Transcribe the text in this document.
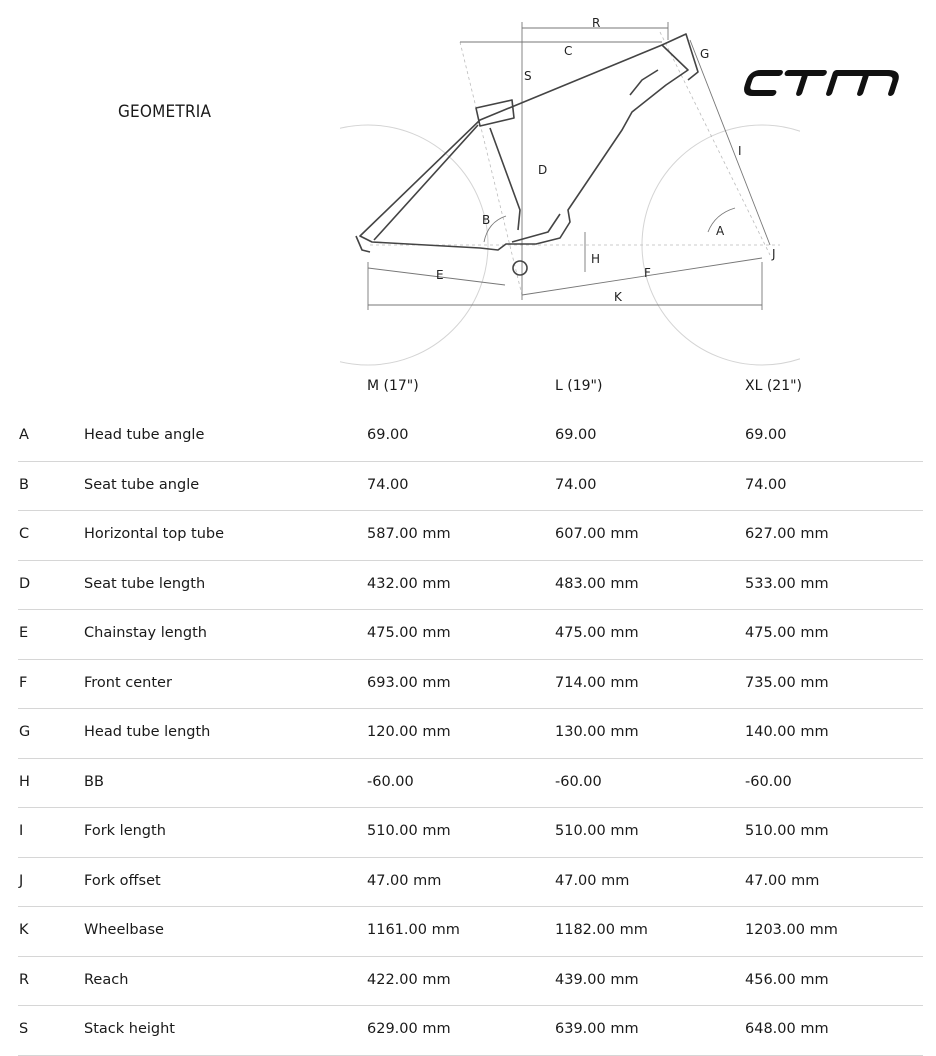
GEOMETRIA
R
C	G
S
I
D
B
A
H	J
E	F
K
M (17")	L (19")	XL (21")
A	Head tube angle	69.00	69.00	69.00
B	Seat tube angle	74.00	74.00	74.00
C	Horizontal top tube	587.00 mm	607.00 mm	627.00 mm
D	Seat tube length	432.00 mm	483.00 mm	533.00 mm
E	Chainstay length	475.00 mm	475.00 mm	475.00 mm
F	Front center	693.00 mm	714.00 mm	735.00 mm
G	Head tube length	120.00 mm	130.00 mm	140.00 mm
H	BB	-60.00	-60.00	-60.00
I	Fork length	510.00 mm	510.00 mm	510.00 mm
J	Fork offset	47.00 mm	47.00 mm	47.00 mm
K	Wheelbase	1161.00 mm	1182.00 mm	1203.00 mm
R	Reach	422.00 mm	439.00 mm	456.00 mm
S	Stack height	629.00 mm	639.00 mm	648.00 mm
